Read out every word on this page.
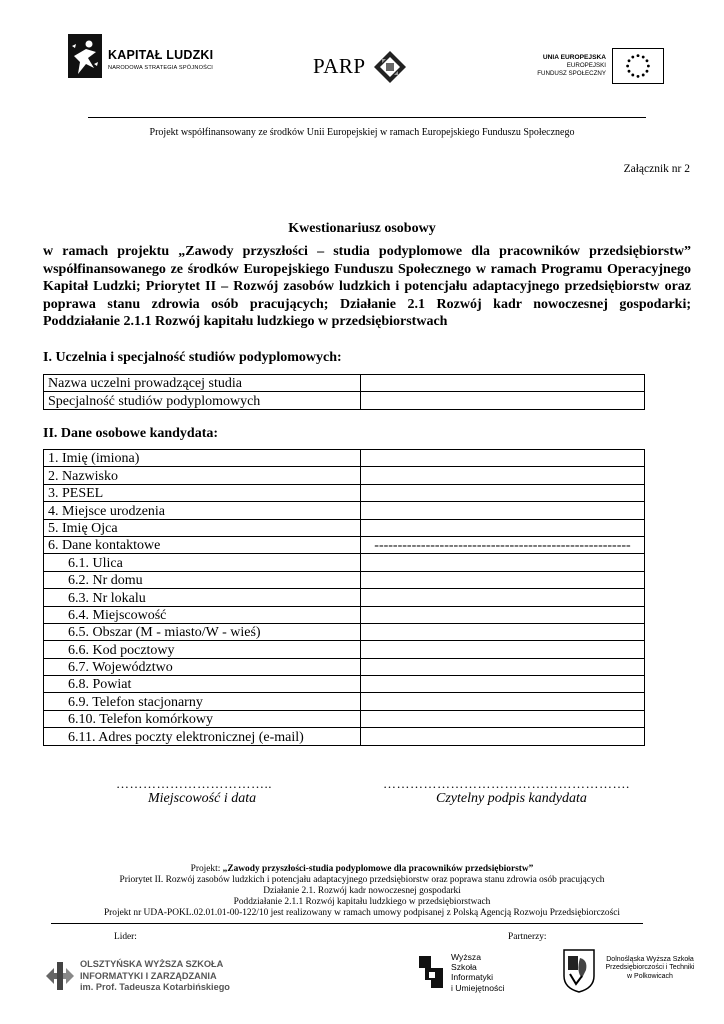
KAPITAŁ LUDZKI
NARODOWA STRATEGIA SPÓJNOŚCI	PARP	UNIA EUROPEJSKA
EUROPEJSKI
FUNDUSZ SPOŁECZNY
Projekt współfinansowany ze środków Unii Europejskiej w ramach Europejskiego Funduszu Społecznego
Załącznik nr 2
Kwestionariusz osobowy
w ramach projektu „Zawody przyszłości – studia podyplomowe dla pracowników przedsiębiorstw” współfinansowanego ze środków Europejskiego Funduszu Społecznego w ramach Programu Operacyjnego Kapitał Ludzki; Priorytet II – Rozwój zasobów ludzkich i potencjału adaptacyjnego przedsiębiorstw oraz poprawa stanu zdrowia osób pracujących; Działanie 2.1 Rozwój kadr nowoczesnej gospodarki; Poddziałanie 2.1.1 Rozwój kapitału ludzkiego w przedsiębiorstwach
I. Uczelnia i specjalność studiów podyplomowych:
Nazwa uczelni prowadzącej studia	
Specjalność studiów podyplomowych	
II. Dane osobowe kandydata:
1. Imię (imiona)	
2. Nazwisko	
3. PESEL	
4. Miejsce urodzenia	
5. Imię Ojca	
6. Dane kontaktowe	-------------------------------------------------------
6.1. Ulica	
6.2. Nr domu	
6.3. Nr lokalu	
6.4. Miejscowość	
6.5. Obszar (M - miasto/W - wieś)	
6.6. Kod pocztowy	
6.7. Województwo	
6.8. Powiat	
6.9. Telefon stacjonarny	
6.10. Telefon komórkowy	
6.11. Adres poczty elektronicznej (e-mail)	
……………………………..	……………………………………………….
Miejscowość i data	Czytelny podpis kandydata
Projekt: „Zawody przyszłości-studia podyplomowe dla pracowników przedsiębiorstw”
Priorytet II. Rozwój zasobów ludzkich i potencjału adaptacyjnego przedsiębiorstw oraz poprawa stanu zdrowia osób pracujących
Działanie 2.1. Rozwój kadr nowoczesnej gospodarki
Poddziałanie 2.1.1 Rozwój kapitału ludzkiego w przedsiębiorstwach
Projekt nr UDA-POKL.02.01.01-00-122/10 jest realizowany w ramach umowy podpisanej z Polską Agencją Rozwoju Przedsiębiorczości
Lider:	Partnerzy:
OLSZTYŃSKA WYŻSZA SZKOŁA
INFORMATYKI I ZARZĄDZANIA
im. Prof. Tadeusza Kotarbińskiego
Wyższa
Szkoła
Informatyki
i Umiejętności
Dolnośląska Wyższa Szkoła
Przedsiębiorczości i Techniki
w Polkowicach
